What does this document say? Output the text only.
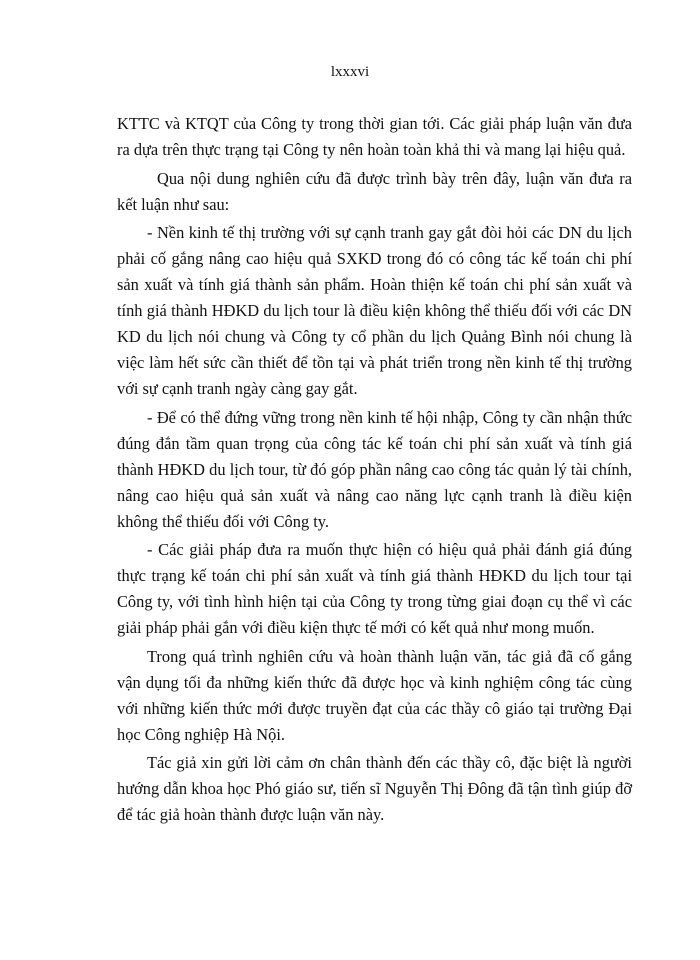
lxxxvi

KTTC và KTQT của Công ty trong thời gian tới. Các giải pháp luận văn đưa ra dựa trên thực trạng tại Công ty nên hoàn toàn khả thi và mang lại hiệu quả.

Qua nội dung nghiên cứu đã được trình bày trên đây, luận văn đưa ra kết luận như sau:

- Nền kinh tế thị trường với sự cạnh tranh gay gắt đòi hỏi các DN du lịch phải cố gắng nâng cao hiệu quả SXKD trong đó có công tác kế toán chi phí sản xuất và tính giá thành sản phẩm. Hoàn thiện kế toán chi phí sản xuất và tính giá thành HĐKD du lịch tour là điều kiện không thể thiếu đối với các DN KD du lịch nói chung và Công ty cổ phần du lịch Quảng Bình nói chung là việc làm hết sức cần thiết để tồn tại và phát triển trong nền kinh tế thị trường với sự cạnh tranh ngày càng gay gắt.

- Để có thể đứng vững trong nền kinh tế hội nhập, Công ty cần nhận thức đúng đắn tầm quan trọng của công tác kế toán chi phí sản xuất và tính giá thành HĐKD du lịch tour, từ đó góp phần nâng cao công tác quản lý tài chính, nâng cao hiệu quả sản xuất và nâng cao năng lực cạnh tranh là điều kiện không thể thiếu đối với Công ty.

- Các giải pháp đưa ra muốn thực hiện có hiệu quả phải đánh giá đúng thực trạng kế toán chi phí sản xuất và tính giá thành HĐKD du lịch tour tại Công ty, với tình hình hiện tại của Công ty trong từng giai đoạn cụ thể vì các giải pháp phải gắn với điều kiện thực tế mới có kết quả như mong muốn.

Trong quá trình nghiên cứu và hoàn thành luận văn, tác giả đã cố gắng vận dụng tối đa những kiến thức đã được học và kinh nghiệm công tác cùng với những kiến thức mới được truyền đạt của các thầy cô giáo tại trường Đại học Công nghiệp Hà Nội.

Tác giả xin gửi lời cảm ơn chân thành đến các thầy cô, đặc biệt là người hướng dẫn khoa học Phó giáo sư, tiến sĩ Nguyễn Thị Đông đã tận tình giúp đỡ để tác giả hoàn thành được luận văn này.
